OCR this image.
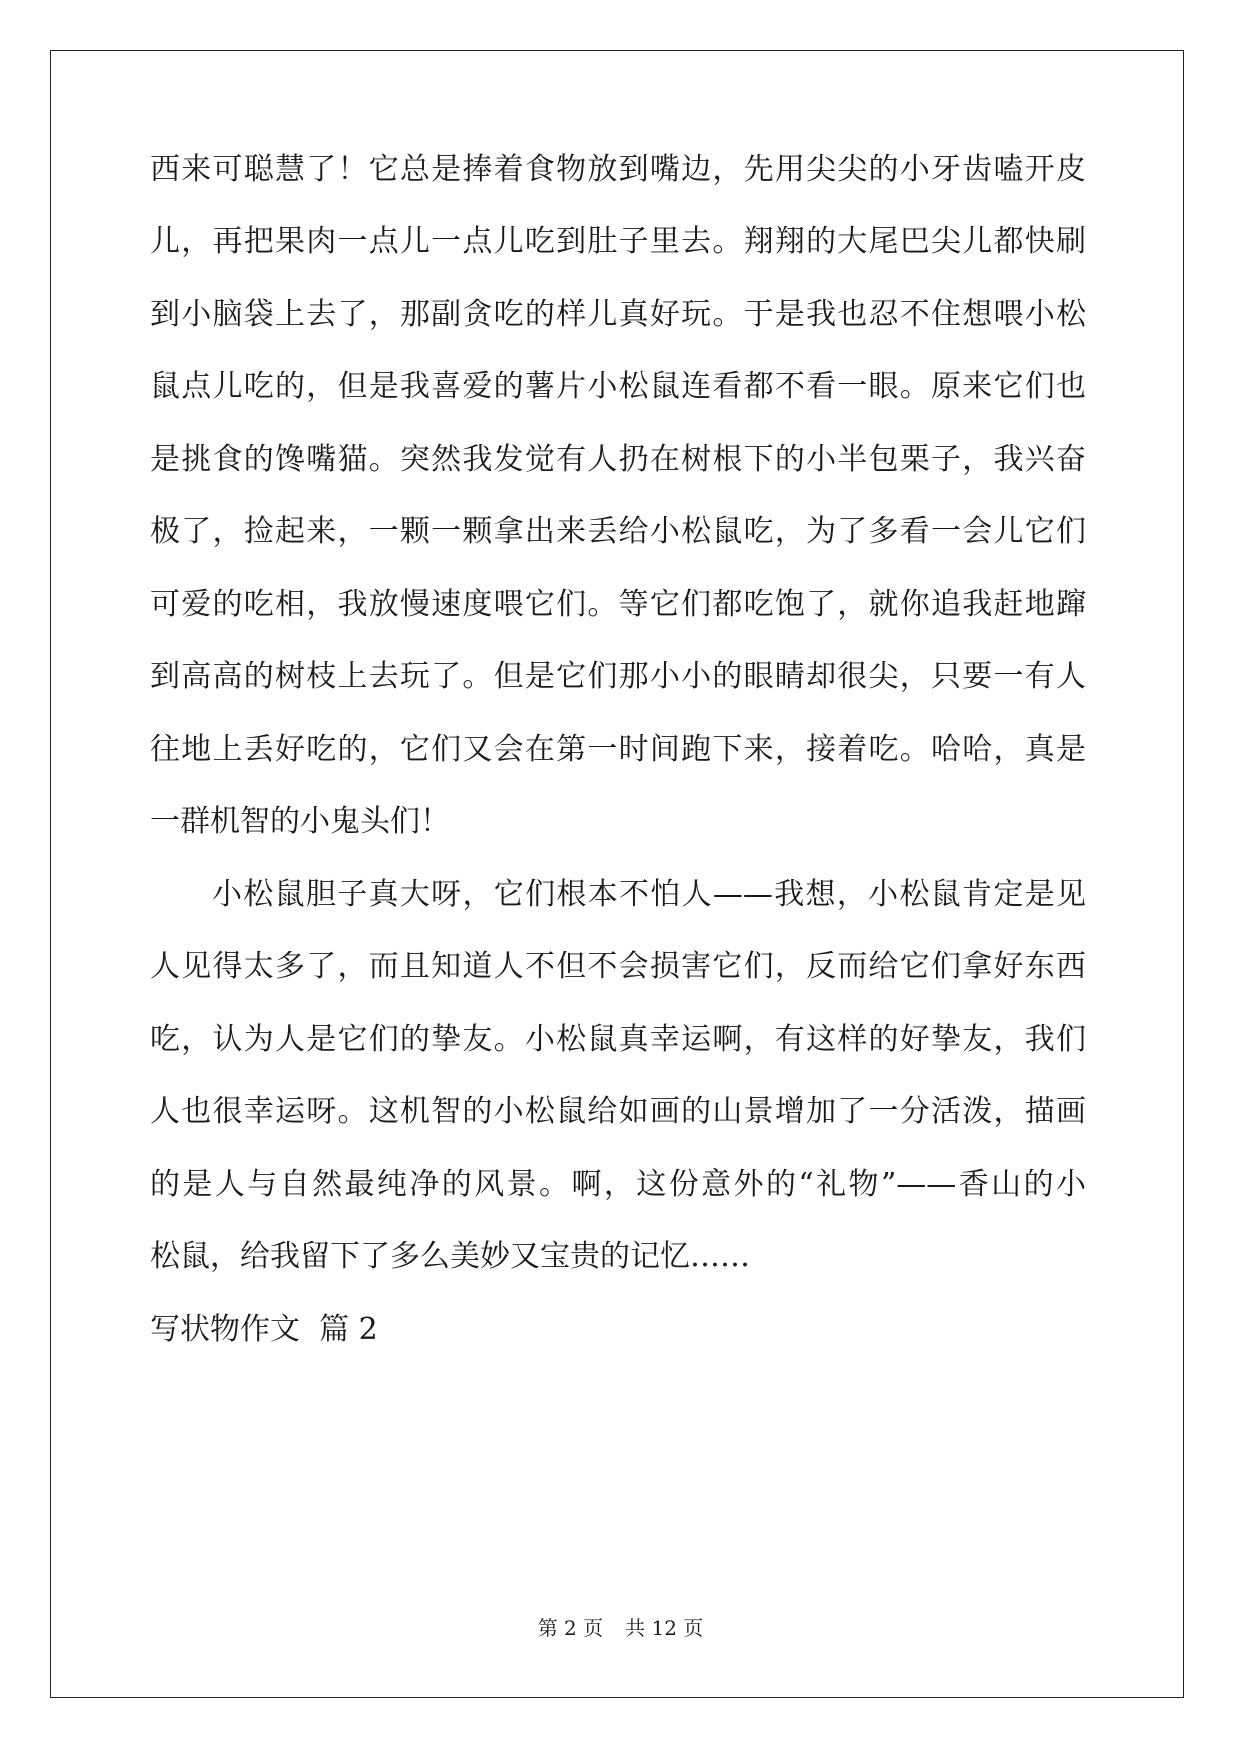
西来可聪慧了！它总是捧着食物放到嘴边，先用尖尖的小牙齿嗑开皮
儿，再把果肉一点儿一点儿吃到肚子里去。翔翔的大尾巴尖儿都快刷
到小脑袋上去了，那副贪吃的样儿真好玩。于是我也忍不住想喂小松
鼠点儿吃的，但是我喜爱的薯片小松鼠连看都不看一眼。原来它们也
是挑食的馋嘴猫。突然我发觉有人扔在树根下的小半包栗子，我兴奋
极了，捡起来，一颗一颗拿出来丢给小松鼠吃，为了多看一会儿它们
可爱的吃相，我放慢速度喂它们。等它们都吃饱了，就你追我赶地蹿
到高高的树枝上去玩了。但是它们那小小的眼睛却很尖，只要一有人
往地上丢好吃的，它们又会在第一时间跑下来，接着吃。哈哈，真是
一群机智的小鬼头们！
小松鼠胆子真大呀，它们根本不怕人——我想，小松鼠肯定是见
人见得太多了，而且知道人不但不会损害它们，反而给它们拿好东西
吃，认为人是它们的挚友。小松鼠真幸运啊，有这样的好挚友，我们
人也很幸运呀。这机智的小松鼠给如画的山景增加了一分活泼，描画
的是人与自然最纯净的风景。啊，这份意外的“礼物”——香山的小
松鼠，给我留下了多么美妙又宝贵的记忆……
写状物作文  篇 2
第 2 页 共 12 页
